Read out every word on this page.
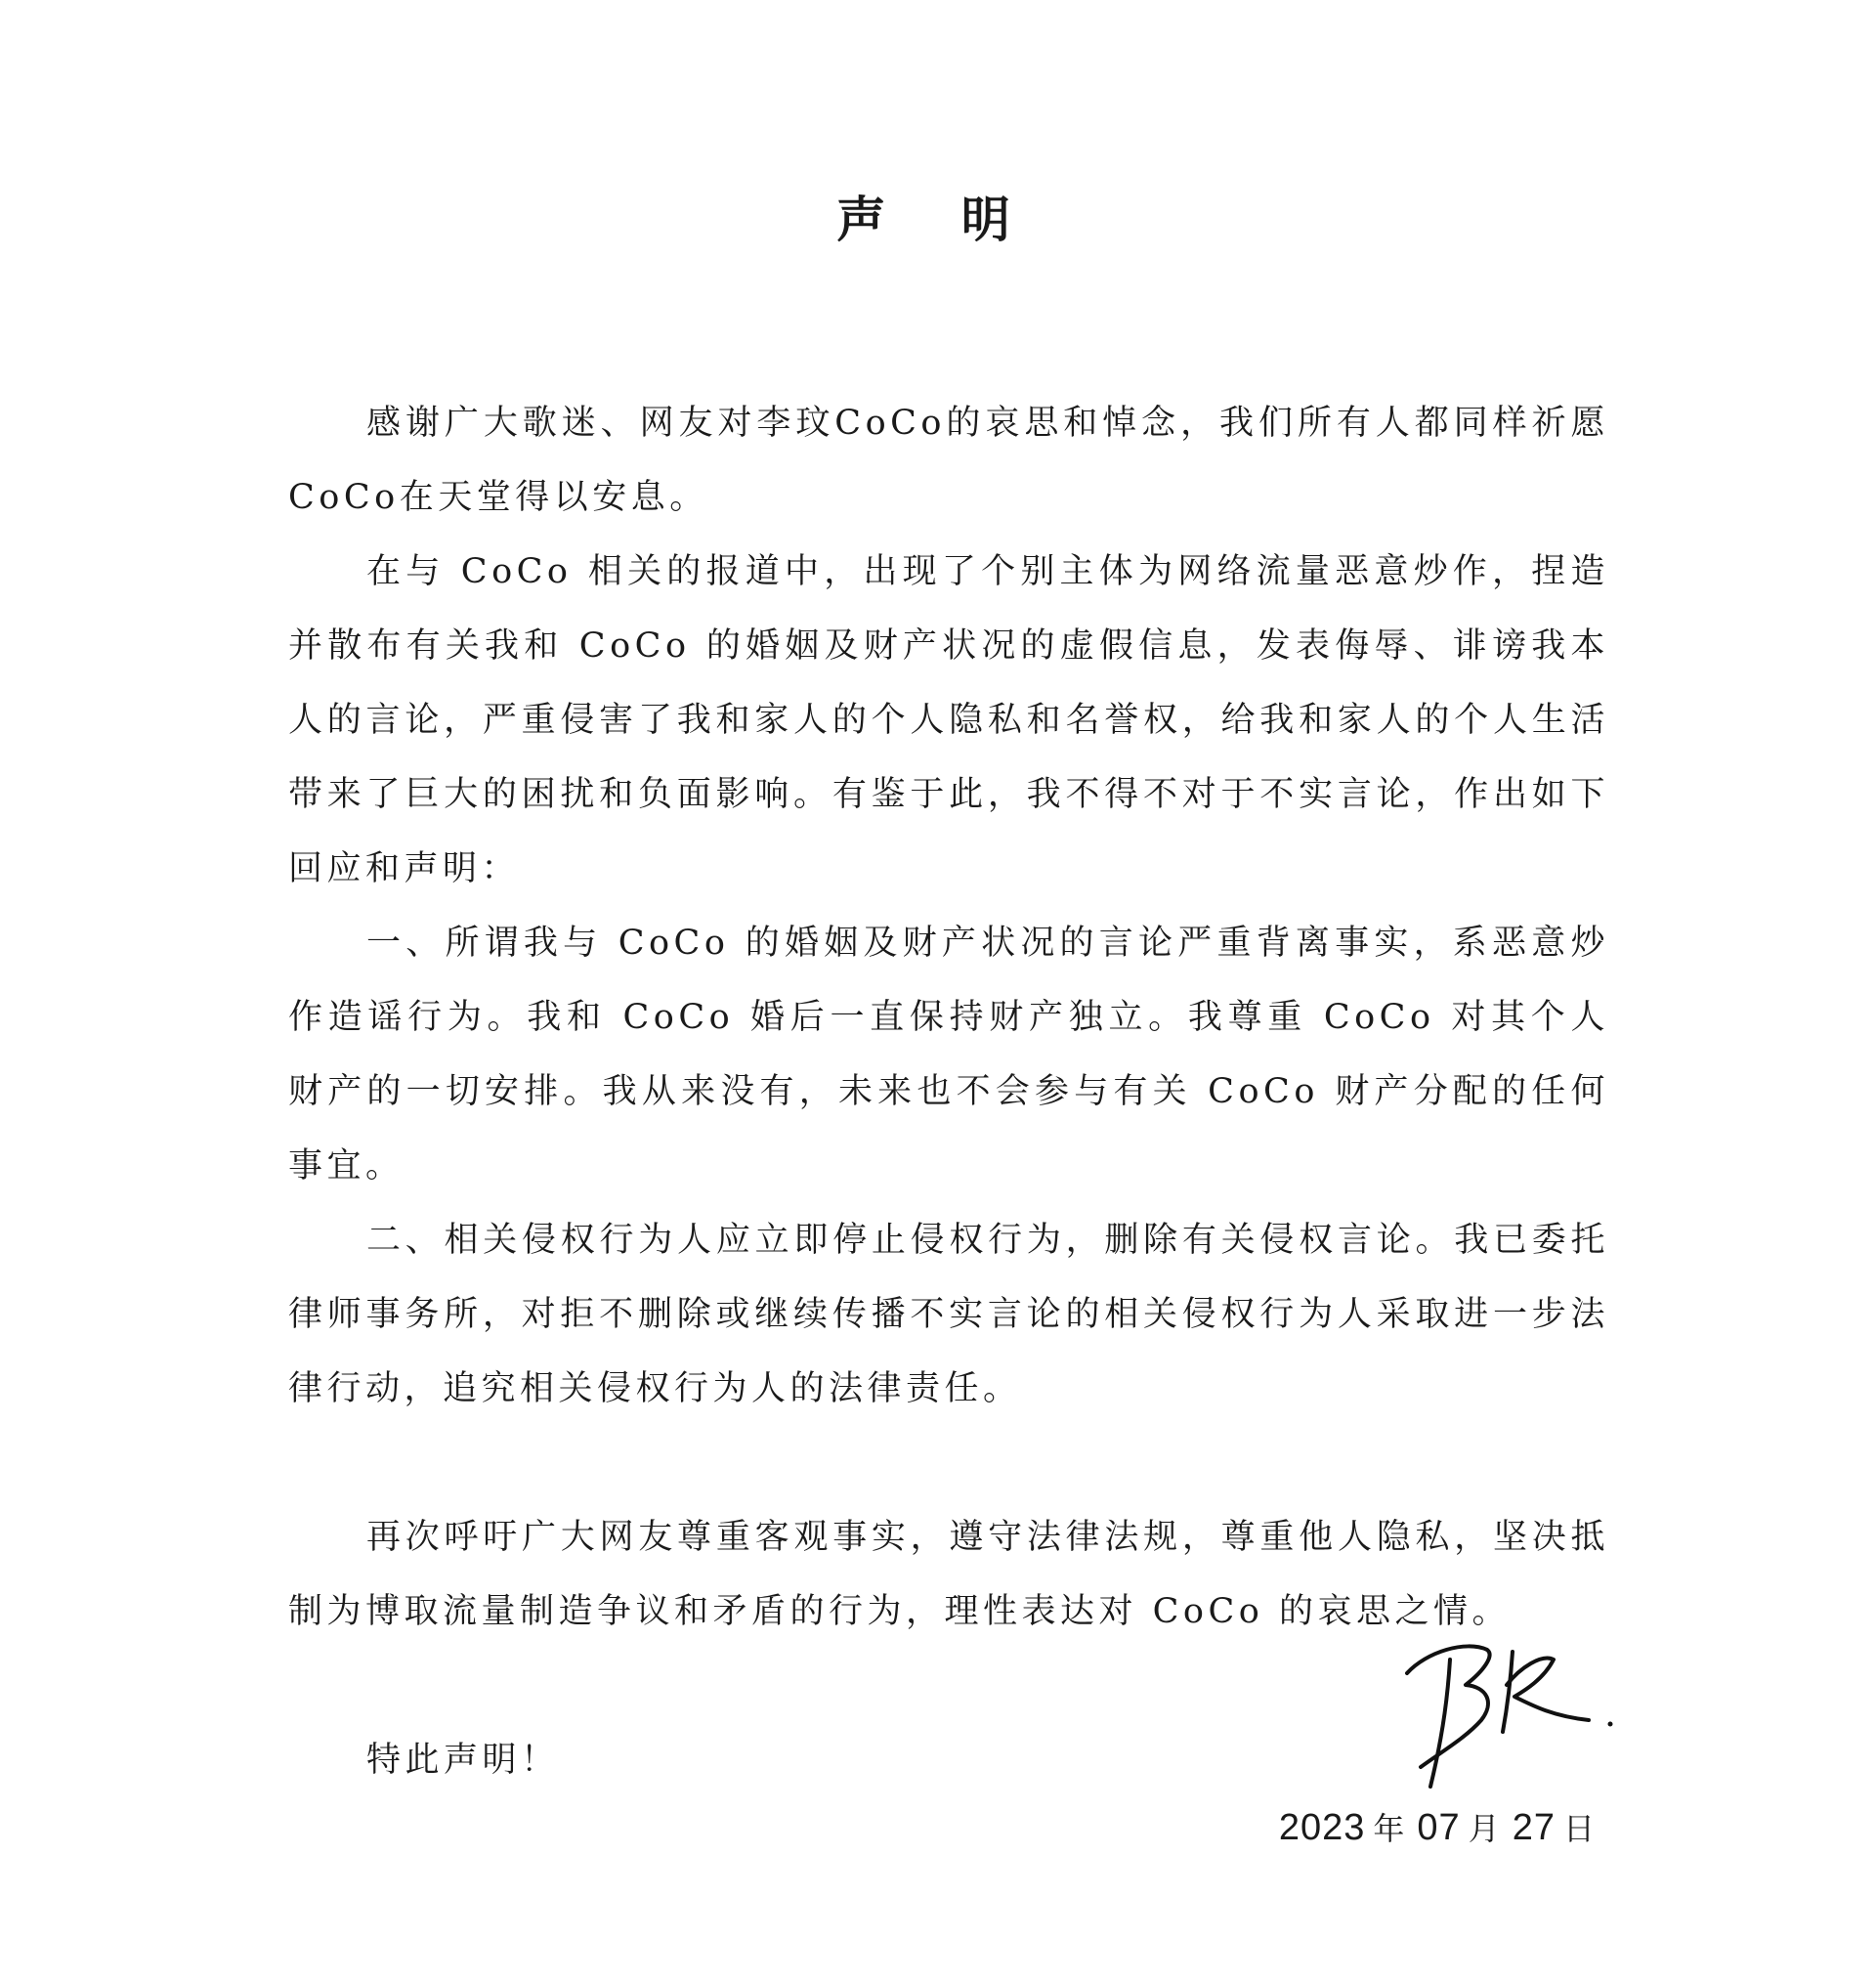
声 明

感谢广大歌迷、网友对李玟CoCo的哀思和悼念，我们所有人都同样祈愿CoCo在天堂得以安息。

在与 CoCo 相关的报道中，出现了个别主体为网络流量恶意炒作，捏造并散布有关我和 CoCo 的婚姻及财产状况的虚假信息，发表侮辱、诽谤我本人的言论，严重侵害了我和家人的个人隐私和名誉权，给我和家人的个人生活带来了巨大的困扰和负面影响。有鉴于此，我不得不对于不实言论，作出如下回应和声明：

一、所谓我与 CoCo 的婚姻及财产状况的言论严重背离事实，系恶意炒作造谣行为。我和 CoCo 婚后一直保持财产独立。我尊重 CoCo 对其个人财产的一切安排。我从来没有，未来也不会参与有关 CoCo 财产分配的任何事宜。

二、相关侵权行为人应立即停止侵权行为，删除有关侵权言论。我已委托律师事务所，对拒不删除或继续传播不实言论的相关侵权行为人采取进一步法律行动，追究相关侵权行为人的法律责任。

再次呼吁广大网友尊重客观事实，遵守法律法规，尊重他人隐私，坚决抵制为博取流量制造争议和矛盾的行为，理性表达对 CoCo 的哀思之情。

特此声明！

2023 年 07 月 27 日
